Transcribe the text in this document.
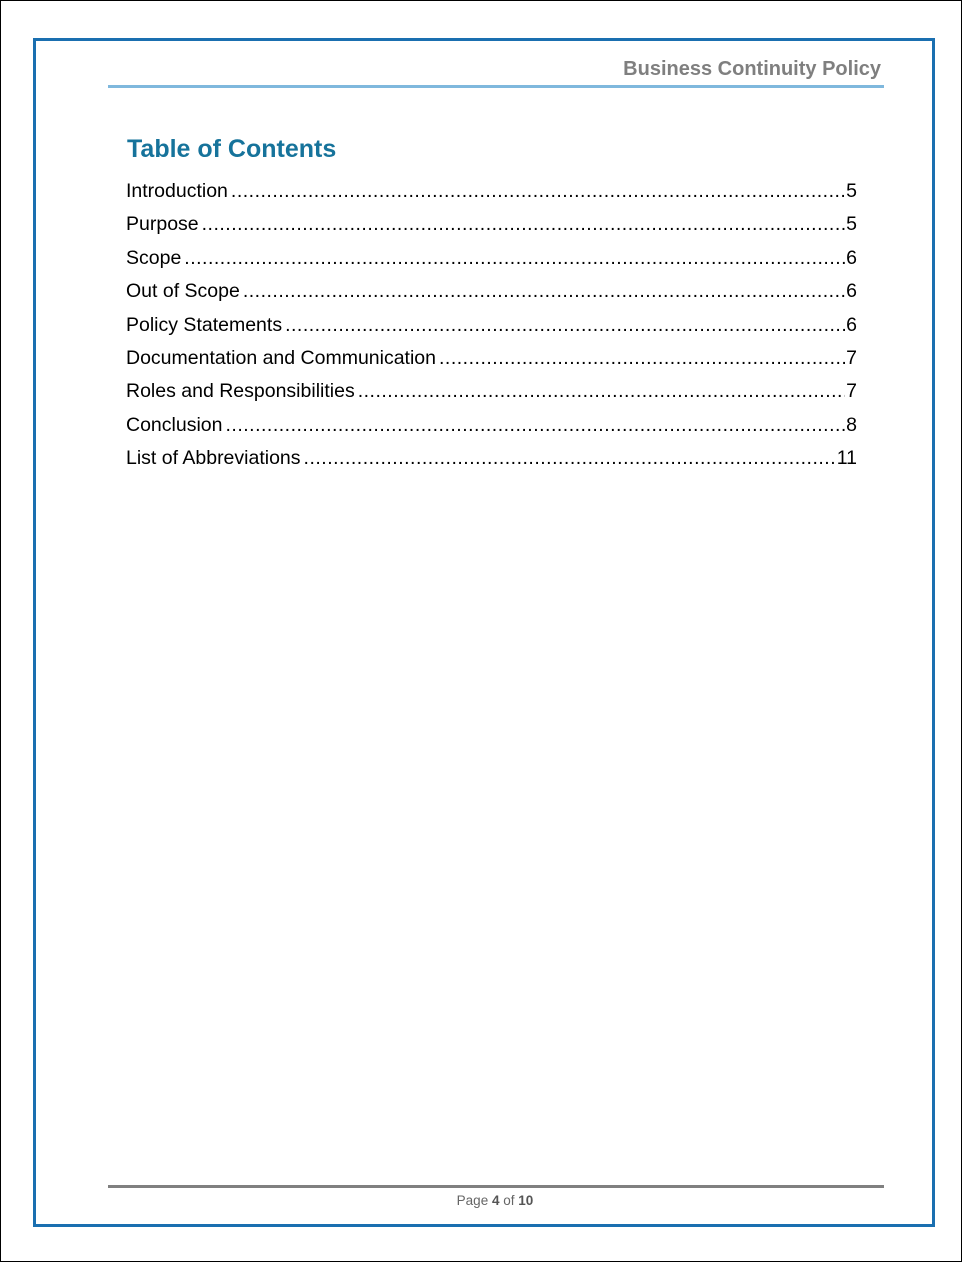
Business Continuity Policy
Table of Contents
Introduction .....	5
Purpose .....	5
Scope .....	6
Out of Scope .....	6
Policy Statements .....	6
Documentation and Communication .....	7
Roles and Responsibilities .....	7
Conclusion .....	8
List of Abbreviations .....	11
Page 4 of 10
